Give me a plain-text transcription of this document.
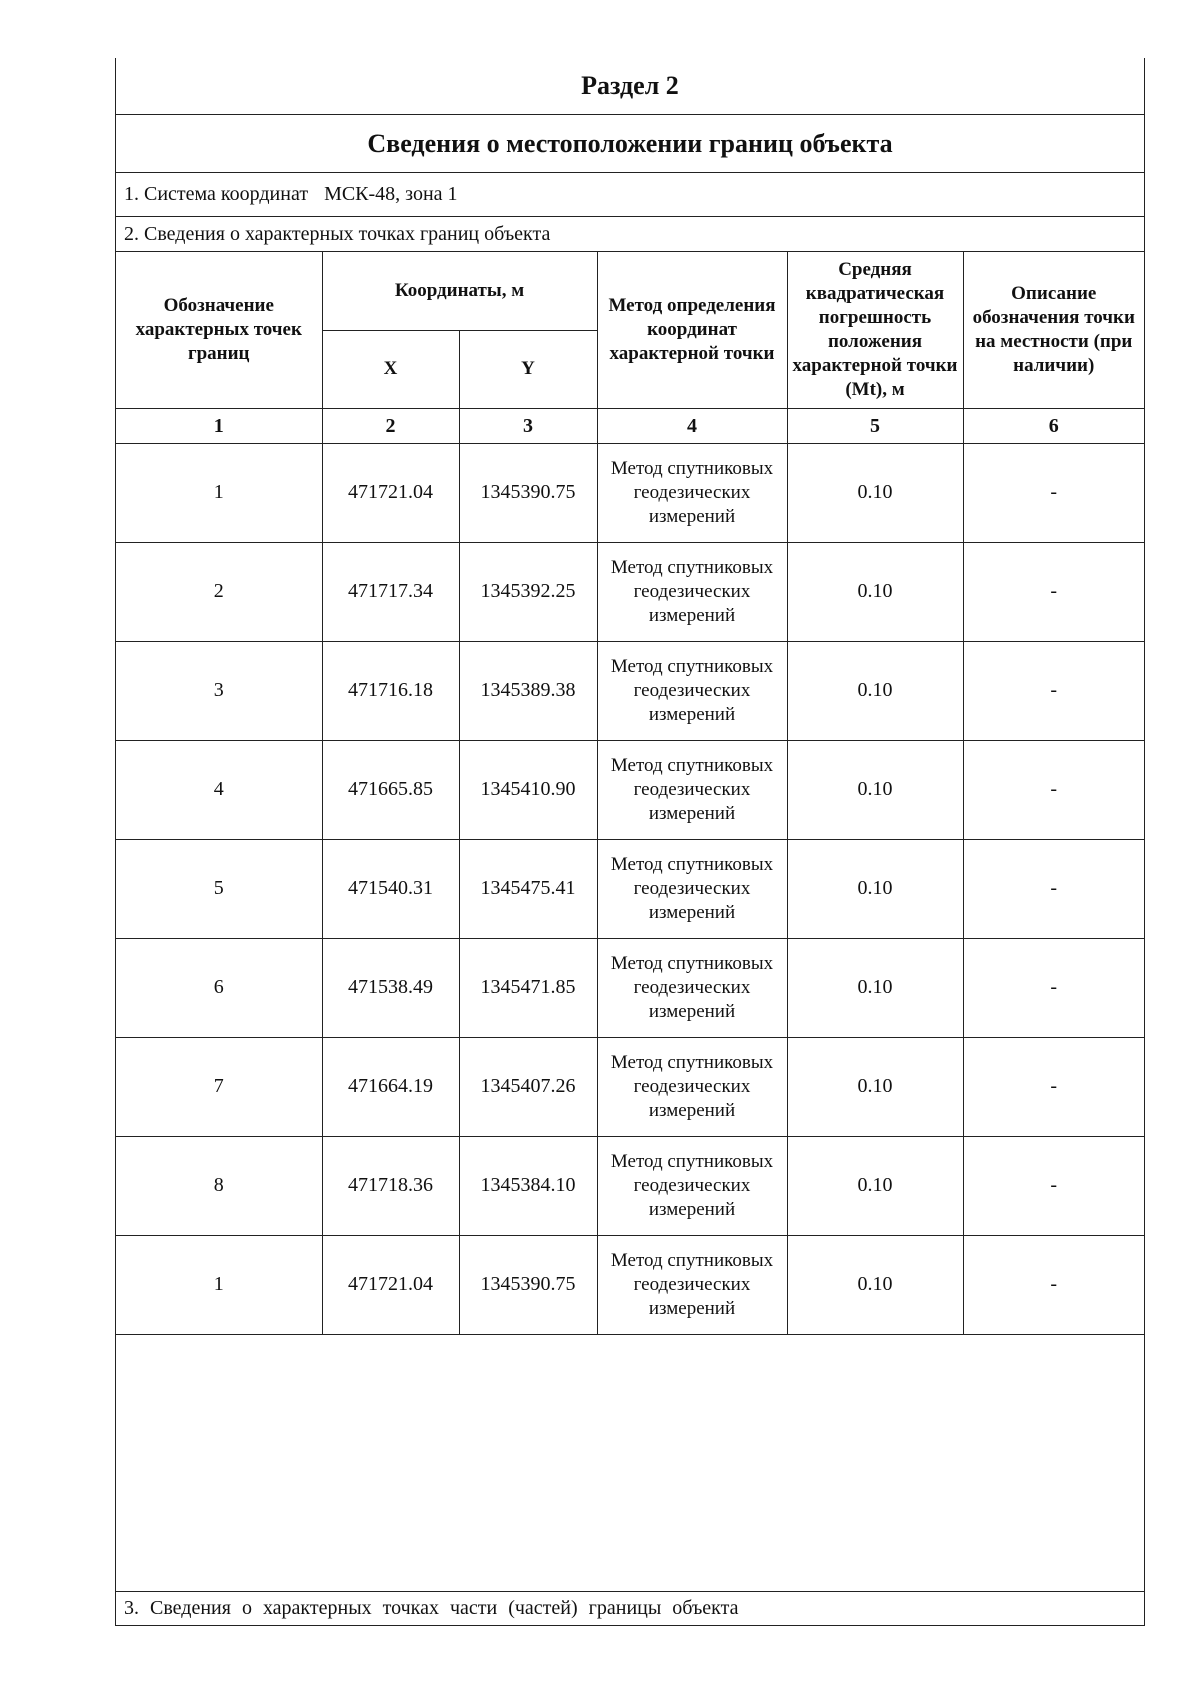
Раздел 2
Сведения о местоположении границ объекта
1. Система координат МСК-48, зона 1
2. Сведения о характерных точках границ объекта
Обозначение характерных точек границ	Координаты, м		Метод определения координат характерной точки	Средняя квадратическая погрешность положения характерной точки (Mt), м	Описание обозначения точки на местности (при наличии)
	X	Y			
1	2	3	4	5	6
1	471721.04	1345390.75	Метод спутниковых геодезических измерений	0.10	-
2	471717.34	1345392.25	Метод спутниковых геодезических измерений	0.10	-
3	471716.18	1345389.38	Метод спутниковых геодезических измерений	0.10	-
4	471665.85	1345410.90	Метод спутниковых геодезических измерений	0.10	-
5	471540.31	1345475.41	Метод спутниковых геодезических измерений	0.10	-
6	471538.49	1345471.85	Метод спутниковых геодезических измерений	0.10	-
7	471664.19	1345407.26	Метод спутниковых геодезических измерений	0.10	-
8	471718.36	1345384.10	Метод спутниковых геодезических измерений	0.10	-
1	471721.04	1345390.75	Метод спутниковых геодезических измерений	0.10	-
3. Сведения о характерных точках части (частей) границы объекта
